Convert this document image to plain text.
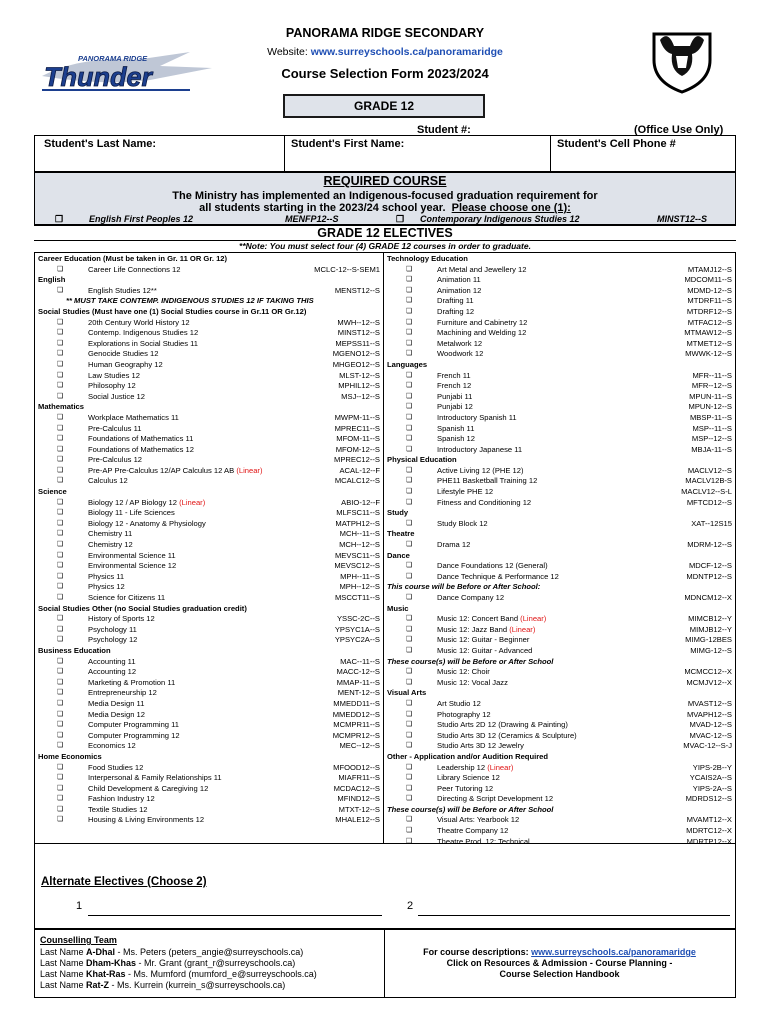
PANORAMA RIDGE SECONDARY
Website: www.surreyschools.ca/panoramaridge
Course Selection Form 2023/2024
PANORAMA RIDGE
Thunder
GRADE 12
Student #:	(Office Use Only)
Student's Last Name:	Student's First Name:	Student's Cell Phone #
REQUIRED COURSE
The Ministry has implemented an Indigenous-focused graduation requirement for
all students starting in the 2023/24 school year. Please choose one (1):
❐	English First Peoples 12	MENFP12--S	❐ Contemporary Indigenous Studies 12	MINST12--S
GRADE 12 ELECTIVES
**Note: You must select four (4) GRADE 12 courses in order to graduate.
Career Education (Must be taken in Gr. 11 OR Gr. 12)
❏	Career Life Connections 12	MCLC-12--S-SEM1
English
❏	English Studies 12**	MENST12--S
** MUST TAKE CONTEMP. INDIGENOUS STUDIES 12 IF TAKING THIS
Social Studies (Must have one (1) Social Studies course in Gr.11 OR Gr.12)
❏	20th Century World History 12	MWH--12--S
❏	Contemp. Indigenous Studies 12	MINST12--S
❏	Explorations in Social Studies 11	MEPSS11--S
❏	Genocide Studies 12	MGENO12--S
❏	Human Geography 12	MHGEO12--S
❏	Law Studies 12	MLST-12--S
❏	Philosophy 12	MPHIL12--S
❏	Social Justice 12	MSJ--12--S
Mathematics
❏	Workplace Mathematics 11	MWPM-11--S
❏	Pre-Calculus 11	MPREC11--S
❏	Foundations of Mathematics 11	MFOM-11--S
❏	Foundations of Mathematics 12	MFOM-12--S
❏	Pre-Calculus 12	MPREC12--S
❏	Pre-AP Pre-Calculus 12/AP Calculus 12 AB (Linear)	ACAL-12--F
❏	Calculus 12	MCALC12--S
Science
❏	Biology 12 / AP Biology 12 (Linear)	ABIO-12--F
❏	Biology 11 - Life Sciences	MLFSC11--S
❏	Biology 12 - Anatomy & Physiology	MATPH12--S
❏	Chemistry 11	MCH--11--S
❏	Chemistry 12	MCH--12--S
❏	Environmental Science 11	MEVSC11--S
❏	Environmental Science 12	MEVSC12--S
❏	Physics 11	MPH--11--S
❏	Physics 12	MPH--12--S
❏	Science for Citizens 11	MSCCT11--S
Social Studies Other (no Social Studies graduation credit)
❏	History of Sports 12	YSSC-2C--S
❏	Psychology 11	YPSYC1A--S
❏	Psychology 12	YPSYC2A--S
Business Education
❏	Accounting 11	MAC--11--S
❏	Accounting 12	MACC-12--S
❏	Marketing & Promotion 11	MMAP-11--S
❏	Entrepreneurship 12	MENT-12--S
❏	Media Design 11	MMEDD11--S
❏	Media Design 12	MMEDD12--S
❏	Computer Programming 11	MCMPR11--S
❏	Computer Programming 12	MCMPR12--S
❏	Economics 12	MEC--12--S
Home Economics
❏	Food Studies 12	MFOOD12--S
❏	Interpersonal & Family Relationships 11	MIAFR11--S
❏	Child Development & Caregiving 12	MCDAC12--S
❏	Fashion Industry 12	MFIND12--S
❏	Textile Studies 12	MTXT-12--S
❏	Housing & Living Environments 12	MHALE12--S
Technology Education
❏	Art Metal and Jewellery 12	MTAMJ12--S
❏	Animation 11	MDCOM11--S
❏	Animation 12	MDMD-12--S
❏	Drafting 11	MTDRF11--S
❏	Drafting 12	MTDRF12--S
❏	Furniture and Cabinetry 12	MTFAC12--S
❏	Machining and Welding 12	MTMAW12--S
❏	Metalwork 12	MTMET12--S
❏	Woodwork 12	MWWK-12--S
Languages
❏	French 11	MFR--11--S
❏	French 12	MFR--12--S
❏	Punjabi 11	MPUN-11--S
❏	Punjabi 12	MPUN-12--S
❏	Introductory Spanish 11	MBSP-11--S
❏	Spanish 11	MSP--11--S
❏	Spanish 12	MSP--12--S
❏	Introductory Japanese 11	MBJA-11--S
Physical Education
❏	Active Living 12 (PHE 12)	MACLV12--S
❏	PHE11 Basketball Training 12	MACLV12B-S
❏	Lifestyle PHE 12	MACLV12--S-L
❏	Fitness and Conditioning 12	MFTCD12--S
Study
❏	Study Block 12	XAT--12S15
Theatre
❏	Drama 12	MDRM-12--S
Dance
❏	Dance Foundations 12 (General)	MDCF-12--S
❏	Dance Technique & Performance 12	MDNTP12--S
This course will be Before or After School:
❏	Dance Company 12	MDNCM12--X
Music
❏	Music 12: Concert Band (Linear)	MIMCB12--Y
❏	Music 12: Jazz Band (Linear)	MIMJB12--Y
❏	Music 12: Guitar - Beginner	MIMG-12BES
❏	Music 12: Guitar - Advanced	MIMG-12--S
These course(s) will be Before or After School
❏	Music 12: Choir	MCMCC12--X
❏	Music 12: Vocal Jazz	MCMJV12--X
Visual Arts
❏	Art Studio 12	MVAST12--S
❏	Photography 12	MVAPH12--S
❏	Studio Arts 2D 12 (Drawing & Painting)	MVAD-12--S
❏	Studio Arts 3D 12 (Ceramics & Sculpture)	MVAC-12--S
❏	Studio Arts 3D 12 Jewelry	MVAC-12--S-J
Other - Application and/or Audition Required
❏	Leadership 12 (Linear)	YIPS-2B--Y
❏	Library Science 12	YCAIS2A--S
❏	Peer Tutoring 12	YIPS-2A--S
❏	Directing & Script Development 12	MDRDS12--S
These course(s) will be Before or After School
❏	Visual Arts: Yearbook 12	MVAMT12--X
❏	Theatre Company 12	MDRTC12--X
❏	Theatre Prod. 12: Technical	MDRTP12--X
Alternate Electives (Choose 2)
1	2
Counselling Team
Last Name A-Dhal - Ms. Peters (peters_angie@surreyschools.ca)
Last Name Dham-Khas - Mr. Grant (grant_r@surreyschools.ca)
Last Name Khat-Ras - Ms. Mumford (mumford_e@surreyschools.ca)
Last Name Rat-Z - Ms. Kurrein (kurrein_s@surreyschools.ca)
For course descriptions: www.surreyschools.ca/panoramaridge
Click on Resources & Admission - Course Planning -
Course Selection Handbook
